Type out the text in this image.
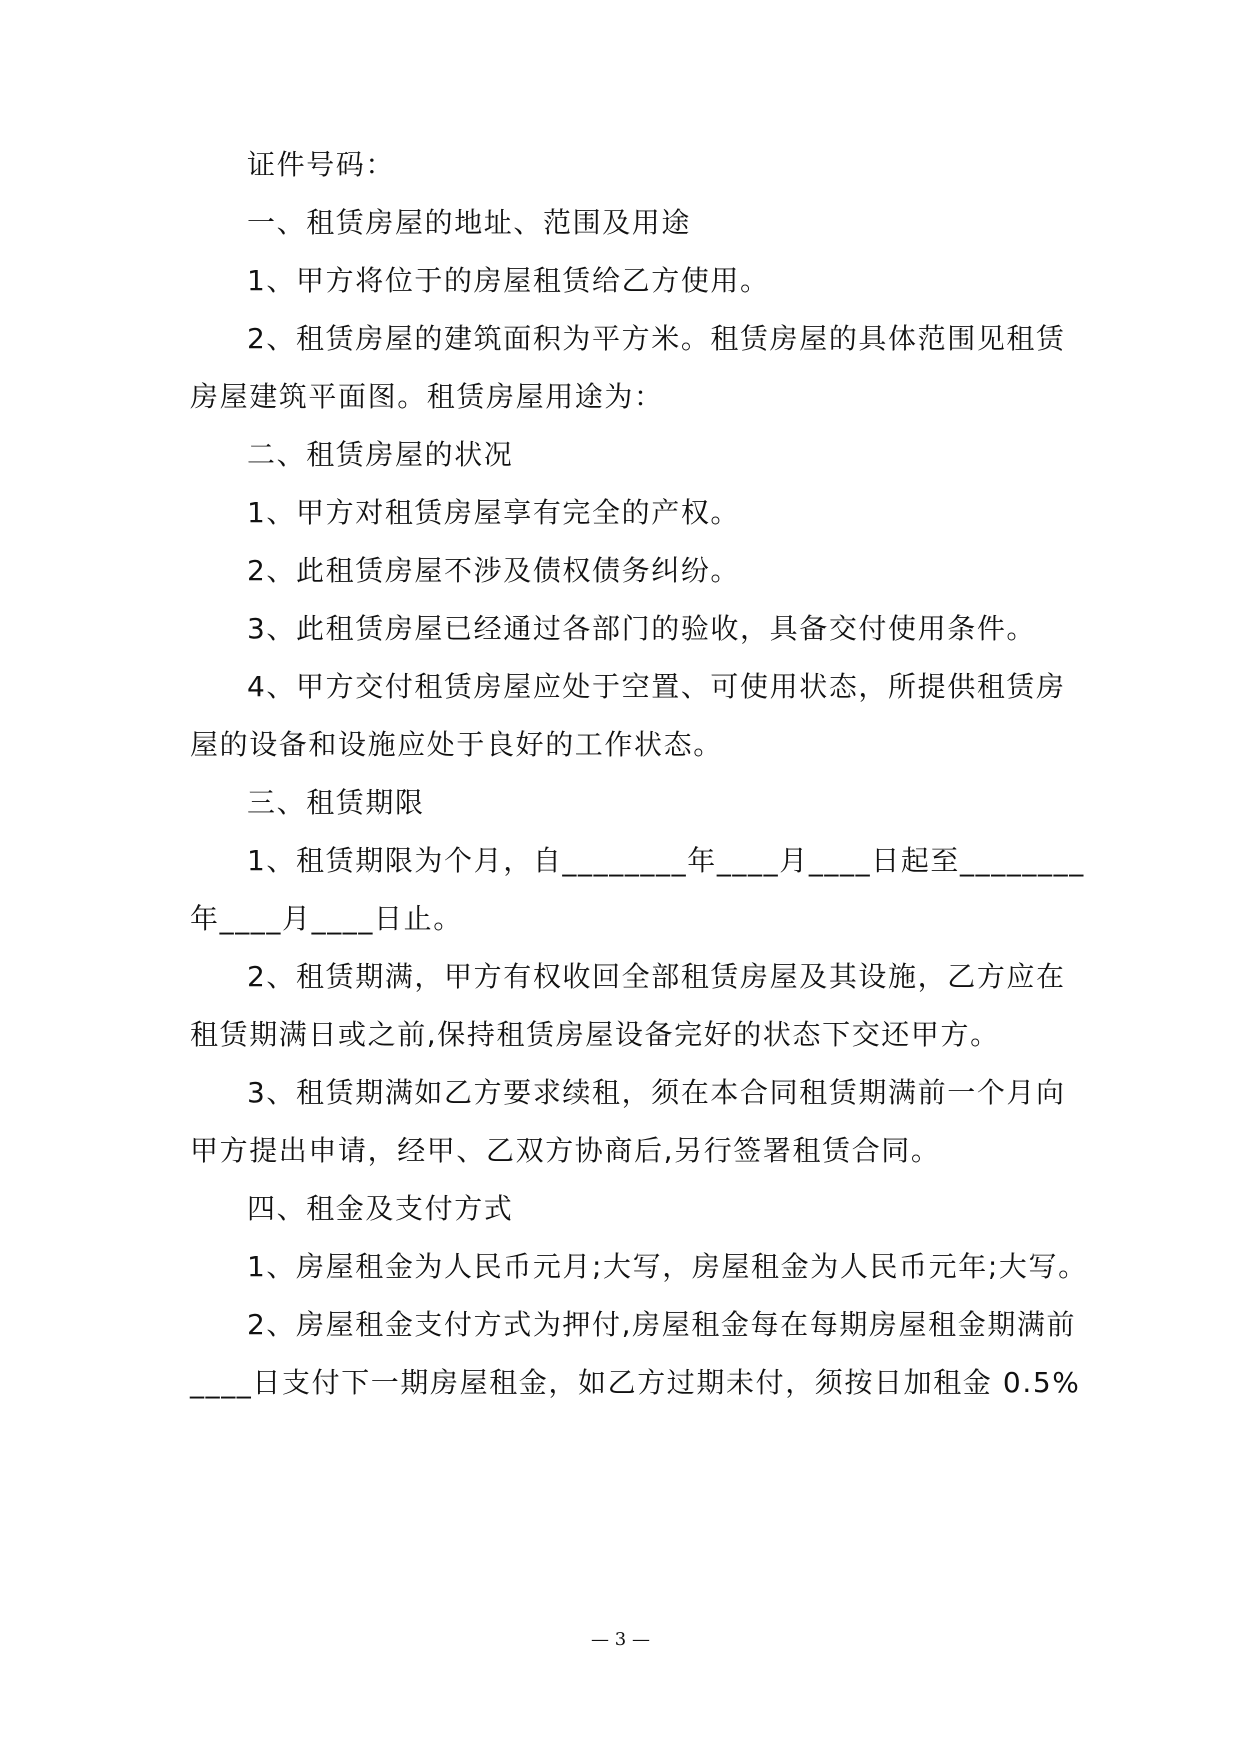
证件号码：
一、租赁房屋的地址、范围及用途
1、甲方将位于的房屋租赁给乙方使用。
2、租赁房屋的建筑面积为平方米。租赁房屋的具体范围见租赁
房屋建筑平面图。租赁房屋用途为：
二、租赁房屋的状况
1、甲方对租赁房屋享有完全的产权。
2、此租赁房屋不涉及债权债务纠纷。
3、此租赁房屋已经通过各部门的验收，具备交付使用条件。
4、甲方交付租赁房屋应处于空置、可使用状态，所提供租赁房
屋的设备和设施应处于良好的工作状态。
三、租赁期限
1、租赁期限为个月，自________年____月____日起至________
年____月____日止。
2、租赁期满，甲方有权收回全部租赁房屋及其设施，乙方应在
租赁期满日或之前,保持租赁房屋设备完好的状态下交还甲方。
3、租赁期满如乙方要求续租，须在本合同租赁期满前一个月向
甲方提出申请，经甲、乙双方协商后,另行签署租赁合同。
四、租金及支付方式
1、房屋租金为人民币元月;大写，房屋租金为人民币元年;大写。
2、房屋租金支付方式为押付,房屋租金每在每期房屋租金期满前
____日支付下一期房屋租金，如乙方过期未付，须按日加租金 0.5%
— 3 —
